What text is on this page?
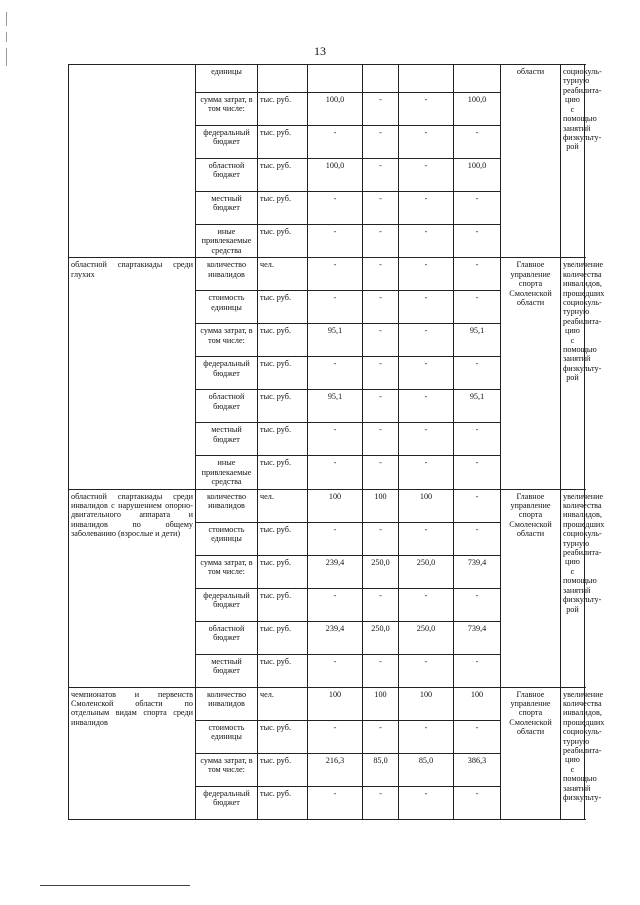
13
	единицы						области	социокуль-турную реабилита-цию с помощью занятий физкульту-рой
	сумма затрат, в том числе:	тыс. руб.	100,0	-	-	100,0		
	федеральный бюджет	тыс. руб.	-	-	-	-		
	областной бюджет	тыс. руб.	100,0	-	-	100,0		
	местный бюджет	тыс. руб.	-	-	-	-		
	иные привлекаемые средства	тыс. руб.	-	-	-	-		
областной спартакиады среди глухих	количество инвалидов	чел.	-	-	-	-	Главное управление спорта Смоленской области	увеличение количества инвалидов, прошедших социокуль-турную реабилита-цию с помощью занятий физкульту-рой
	стоимость единицы	тыс. руб.	-	-	-	-		
	сумма затрат, в том числе:	тыс. руб.	95,1	-	-	95,1		
	федеральный бюджет	тыс. руб.	-	-	-	-		
	областной бюджет	тыс. руб.	95,1	-	-	95,1		
	местный бюджет	тыс. руб.	-	-	-	-		
	иные привлекаемые средства	тыс. руб.	-	-	-	-		
областной спартакиады среди инвалидов с нарушением опорно-двигательного аппарата и инвалидов по общему заболеванию (взрослые и дети)	количество инвалидов	чел.	100	100	100	-	Главное управление спорта Смоленской области	увеличение количества инвалидов, прошедших социокуль-турную реабилита-цию с помощью занятий физкульту-рой
	стоимость единицы	тыс. руб.	-	-	-	-		
	сумма затрат, в том числе:	тыс. руб.	239,4	250,0	250,0	739,4		
	федеральный бюджет	тыс. руб.	-	-	-	-		
	областной бюджет	тыс. руб.	239,4	250,0	250,0	739,4		
	местный бюджет	тыс. руб.	-	-	-	-		
чемпионатов и первенств Смоленской области по отдельным видам спорта среди инвалидов	количество инвалидов	чел.	100	100	100	100	Главное управление спорта Смоленской области	увеличение количества инвалидов, прошедших социокуль-турную реабилита-цию с помощью занятий физкульту-
	стоимость единицы	тыс. руб.	-	-	-	-		
	сумма затрат, в том числе:	тыс. руб.	216,3	85,0	85,0	386,3		
	федеральный бюджет	тыс. руб.	-	-	-	-		
